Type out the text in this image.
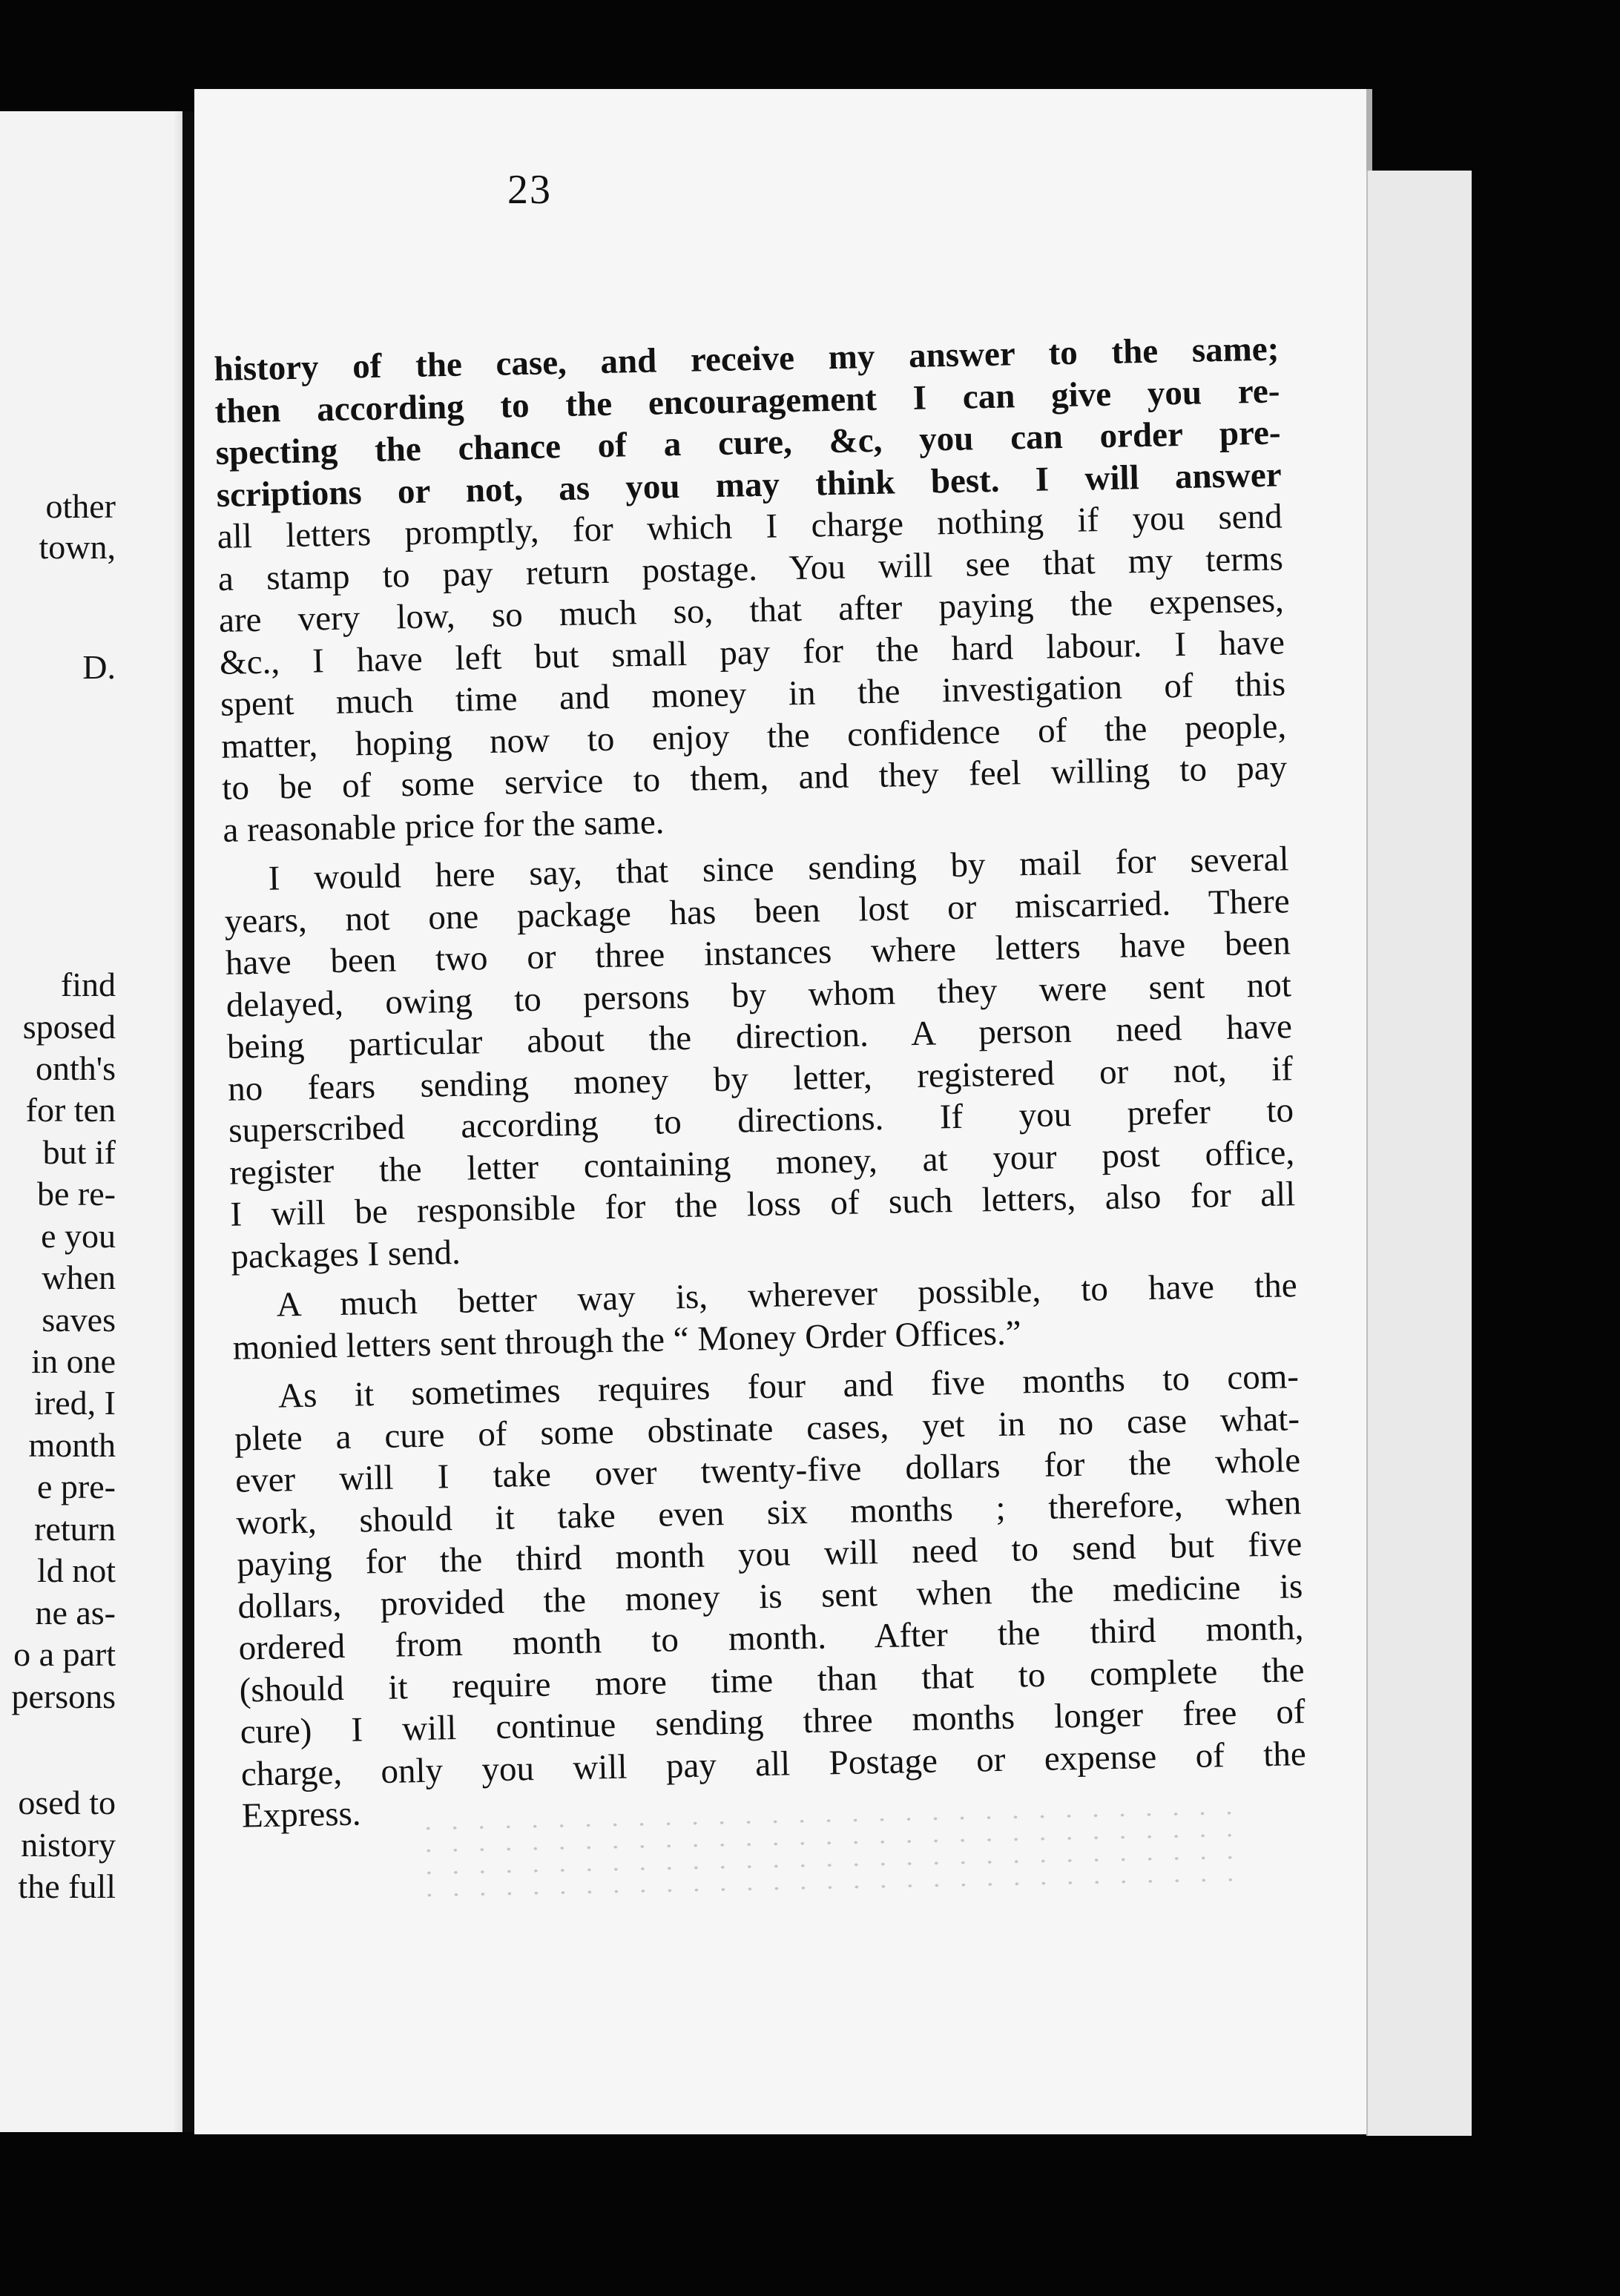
23
history of the case, and receive my answer to the same;
then according to the encouragement I can give you re-
specting the chance of a cure, &c, you can order pre-
scriptions or not, as you may think best. I will answer
all letters promptly, for which I charge nothing if you send
a stamp to pay return postage. You will see that my terms
are very low, so much so, that after paying the expenses,
&c., I have left but small pay for the hard labour. I have
spent much time and money in the investigation of this
matter, hoping now to enjoy the confidence of the people,
to be of some service to them, and they feel willing to pay
a reasonable price for the same.
I would here say, that since sending by mail for several
years, not one package has been lost or miscarried. There
have been two or three instances where letters have been
delayed, owing to persons by whom they were sent not
being particular about the direction. A person need have
no fears sending money by letter, registered or not, if
superscribed according to directions. If you prefer to
register the letter containing money, at your post office,
I will be responsible for the loss of such letters, also for all
packages I send.
A much better way is, wherever possible, to have the
monied letters sent through the “ Money Order Offices.”
As it sometimes requires four and five months to com-
plete a cure of some obstinate cases, yet in no case what-
ever will I take over twenty-five dollars for the whole
work, should it take even six months ; therefore, when
paying for the third month you will need to send but five
dollars, provided the money is sent when the medicine is
ordered from month to month. After the third month,
(should it require more time than that to complete the
cure) I will continue sending three months longer free of
charge, only you will pay all Postage or expense of the
Express.
other
town,
D.
find
sposed
onth's
for ten
but if
be re-
e you
when
saves
in one
ired, I
month
e pre-
return
ld not
ne as-
o a part
persons
osed to
nistory
the full
